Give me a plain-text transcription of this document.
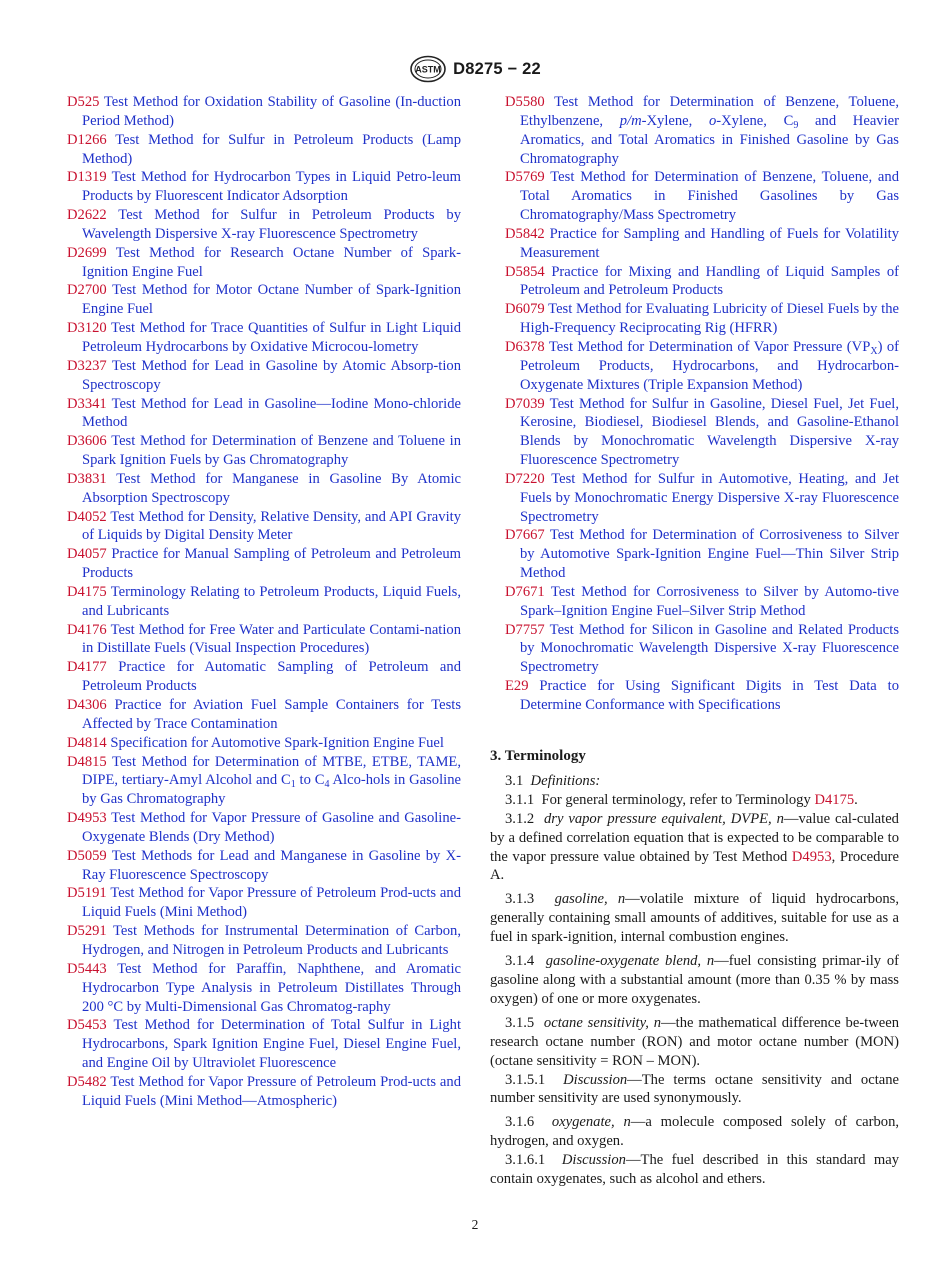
ASTM D8275 − 22
D525 Test Method for Oxidation Stability of Gasoline (In-duction Period Method)
D1266 Test Method for Sulfur in Petroleum Products (Lamp Method)
D1319 Test Method for Hydrocarbon Types in Liquid Petro-leum Products by Fluorescent Indicator Adsorption
D2622 Test Method for Sulfur in Petroleum Products by Wavelength Dispersive X-ray Fluorescence Spectrometry
D2699 Test Method for Research Octane Number of Spark-Ignition Engine Fuel
D2700 Test Method for Motor Octane Number of Spark-Ignition Engine Fuel
D3120 Test Method for Trace Quantities of Sulfur in Light Liquid Petroleum Hydrocarbons by Oxidative Microcou-lometry
D3237 Test Method for Lead in Gasoline by Atomic Absorp-tion Spectroscopy
D3341 Test Method for Lead in Gasoline—Iodine Mono-chloride Method
D3606 Test Method for Determination of Benzene and Toluene in Spark Ignition Fuels by Gas Chromatography
D3831 Test Method for Manganese in Gasoline By Atomic Absorption Spectroscopy
D4052 Test Method for Density, Relative Density, and API Gravity of Liquids by Digital Density Meter
D4057 Practice for Manual Sampling of Petroleum and Petroleum Products
D4175 Terminology Relating to Petroleum Products, Liquid Fuels, and Lubricants
D4176 Test Method for Free Water and Particulate Contami-nation in Distillate Fuels (Visual Inspection Procedures)
D4177 Practice for Automatic Sampling of Petroleum and Petroleum Products
D4306 Practice for Aviation Fuel Sample Containers for Tests Affected by Trace Contamination
D4814 Specification for Automotive Spark-Ignition Engine Fuel
D4815 Test Method for Determination of MTBE, ETBE, TAME, DIPE, tertiary-Amyl Alcohol and $C_1$ to $C_4$ Alco-hols in Gasoline by Gas Chromatography
D4953 Test Method for Vapor Pressure of Gasoline and Gasoline-Oxygenate Blends (Dry Method)
D5059 Test Methods for Lead and Manganese in Gasoline by X-Ray Fluorescence Spectroscopy
D5191 Test Method for Vapor Pressure of Petroleum Prod-ucts and Liquid Fuels (Mini Method)
D5291 Test Methods for Instrumental Determination of Carbon, Hydrogen, and Nitrogen in Petroleum Products and Lubricants
D5443 Test Method for Paraffin, Naphthene, and Aromatic Hydrocarbon Type Analysis in Petroleum Distillates Through 200 °C by Multi-Dimensional Gas Chromatog-raphy
D5453 Test Method for Determination of Total Sulfur in Light Hydrocarbons, Spark Ignition Engine Fuel, Diesel Engine Fuel, and Engine Oil by Ultraviolet Fluorescence
D5482 Test Method for Vapor Pressure of Petroleum Prod-ucts and Liquid Fuels (Mini Method—Atmospheric)
D5580 Test Method for Determination of Benzene, Toluene, Ethylbenzene, p/m-Xylene, o-Xylene, $C_9$ and Heavier Aromatics, and Total Aromatics in Finished Gasoline by Gas Chromatography
D5769 Test Method for Determination of Benzene, Toluene, and Total Aromatics in Finished Gasolines by Gas Chromatography/Mass Spectrometry
D5842 Practice for Sampling and Handling of Fuels for Volatility Measurement
D5854 Practice for Mixing and Handling of Liquid Samples of Petroleum and Petroleum Products
D6079 Test Method for Evaluating Lubricity of Diesel Fuels by the High-Frequency Reciprocating Rig (HFRR)
D6378 Test Method for Determination of Vapor Pressure $(VP_X)$ of Petroleum Products, Hydrocarbons, and Hydrocarbon-Oxygenate Mixtures (Triple Expansion Method)
D7039 Test Method for Sulfur in Gasoline, Diesel Fuel, Jet Fuel, Kerosine, Biodiesel, Biodiesel Blends, and Gasoline-Ethanol Blends by Monochromatic Wavelength Dispersive X-ray Fluorescence Spectrometry
D7220 Test Method for Sulfur in Automotive, Heating, and Jet Fuels by Monochromatic Energy Dispersive X-ray Fluorescence Spectrometry
D7667 Test Method for Determination of Corrosiveness to Silver by Automotive Spark-Ignition Engine Fuel—Thin Silver Strip Method
D7671 Test Method for Corrosiveness to Silver by Automo-tive Spark–Ignition Engine Fuel–Silver Strip Method
D7757 Test Method for Silicon in Gasoline and Related Products by Monochromatic Wavelength Dispersive X-ray Fluorescence Spectrometry
E29 Practice for Using Significant Digits in Test Data to Determine Conformance with Specifications
3. Terminology
3.1 Definitions:
3.1.1 For general terminology, refer to Terminology D4175.
3.1.2 dry vapor pressure equivalent, DVPE, n—value cal-culated by a defined correlation equation that is expected to be comparable to the vapor pressure value obtained by Test Method D4953, Procedure A.
3.1.3 gasoline, n—volatile mixture of liquid hydrocarbons, generally containing small amounts of additives, suitable for use as a fuel in spark-ignition, internal combustion engines.
3.1.4 gasoline-oxygenate blend, n—fuel consisting primar-ily of gasoline along with a substantial amount (more than 0.35 % by mass oxygen) of one or more oxygenates.
3.1.5 octane sensitivity, n—the mathematical difference be-tween research octane number (RON) and motor octane number (MON) (octane sensitivity = RON – MON).
3.1.5.1 Discussion—The terms octane sensitivity and octane number sensitivity are used synonymously.
3.1.6 oxygenate, n—a molecule composed solely of carbon, hydrogen, and oxygen.
3.1.6.1 Discussion—The fuel described in this standard may contain oxygenates, such as alcohol and ethers.
2
